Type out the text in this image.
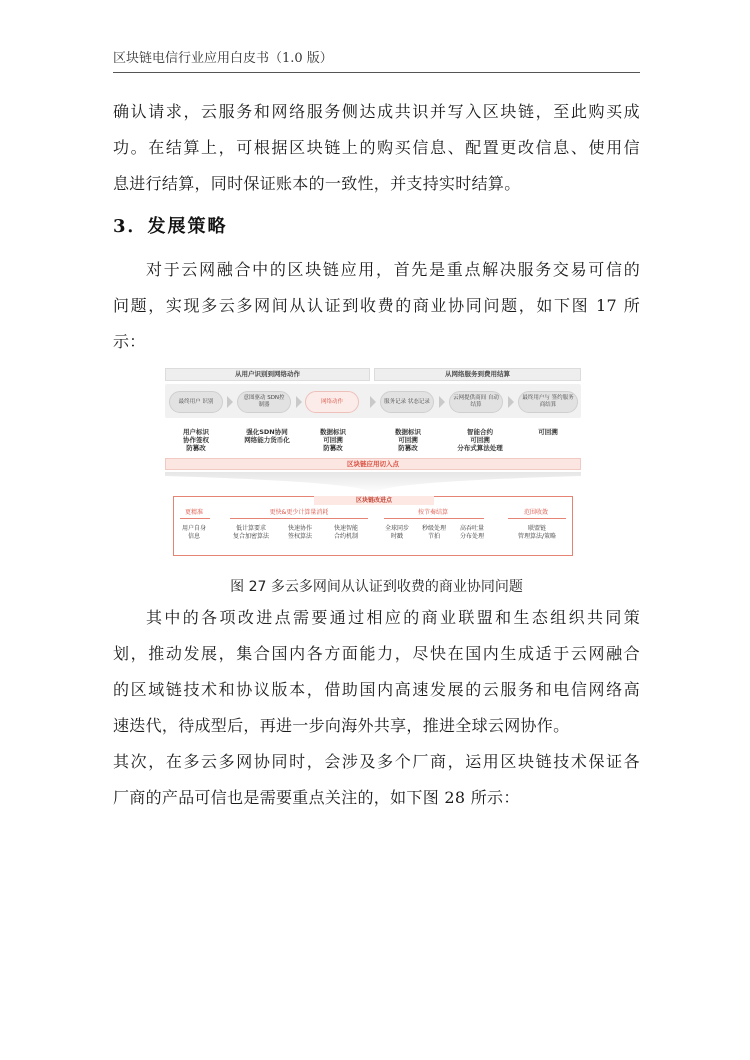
区块链电信行业应用白皮书（1.0 版）
确认请求，云服务和网络服务侧达成共识并写入区块链，至此购买成
功。在结算上，可根据区块链上的购买信息、配置更改信息、使用信
息进行结算，同时保证账本的一致性，并支持实时结算。
3．发展策略
对于云网融合中的区块链应用，首先是重点解决服务交易可信的
问题，实现多云多网间从认证到收费的商业协同问题，如下图 17 所
示：
从用户识别到网络动作	从网络服务到费用结算
最终用户 识别
意图驱动 SDN控制器
网络动作	服务记录 状态记录
云网提供商间 自动结算
最终用户与 签约服务商结算
用户标识
协作签权
防篡改
强化SDN协同
网络能力货币化
数据标识
可回溯
防篡改
数据标识
可回溯
防篡改
智能合约
可回溯
分布式算法处理
可回溯
区块链应用切入点
区块链改进点
更精准	更快&更少计算量消耗	按节奏结算	范围收敛
用户自身
信息
低计算要求
复合加密算法
快速协作
签权算法
快速智能
合约机制
全球同步
时戳
秒级处理
节拍
高吞吐量
分布处理
联盟链
管理算法/策略
图 27 多云多网间从认证到收费的商业协同问题
其中的各项改进点需要通过相应的商业联盟和生态组织共同策
划，推动发展，集合国内各方面能力，尽快在国内生成适于云网融合
的区域链技术和协议版本，借助国内高速发展的云服务和电信网络高
速迭代，待成型后，再进一步向海外共享，推进全球云网协作。
其次，在多云多网协同时，会涉及多个厂商，运用区块链技术保证各
厂商的产品可信也是需要重点关注的，如下图 28 所示：
